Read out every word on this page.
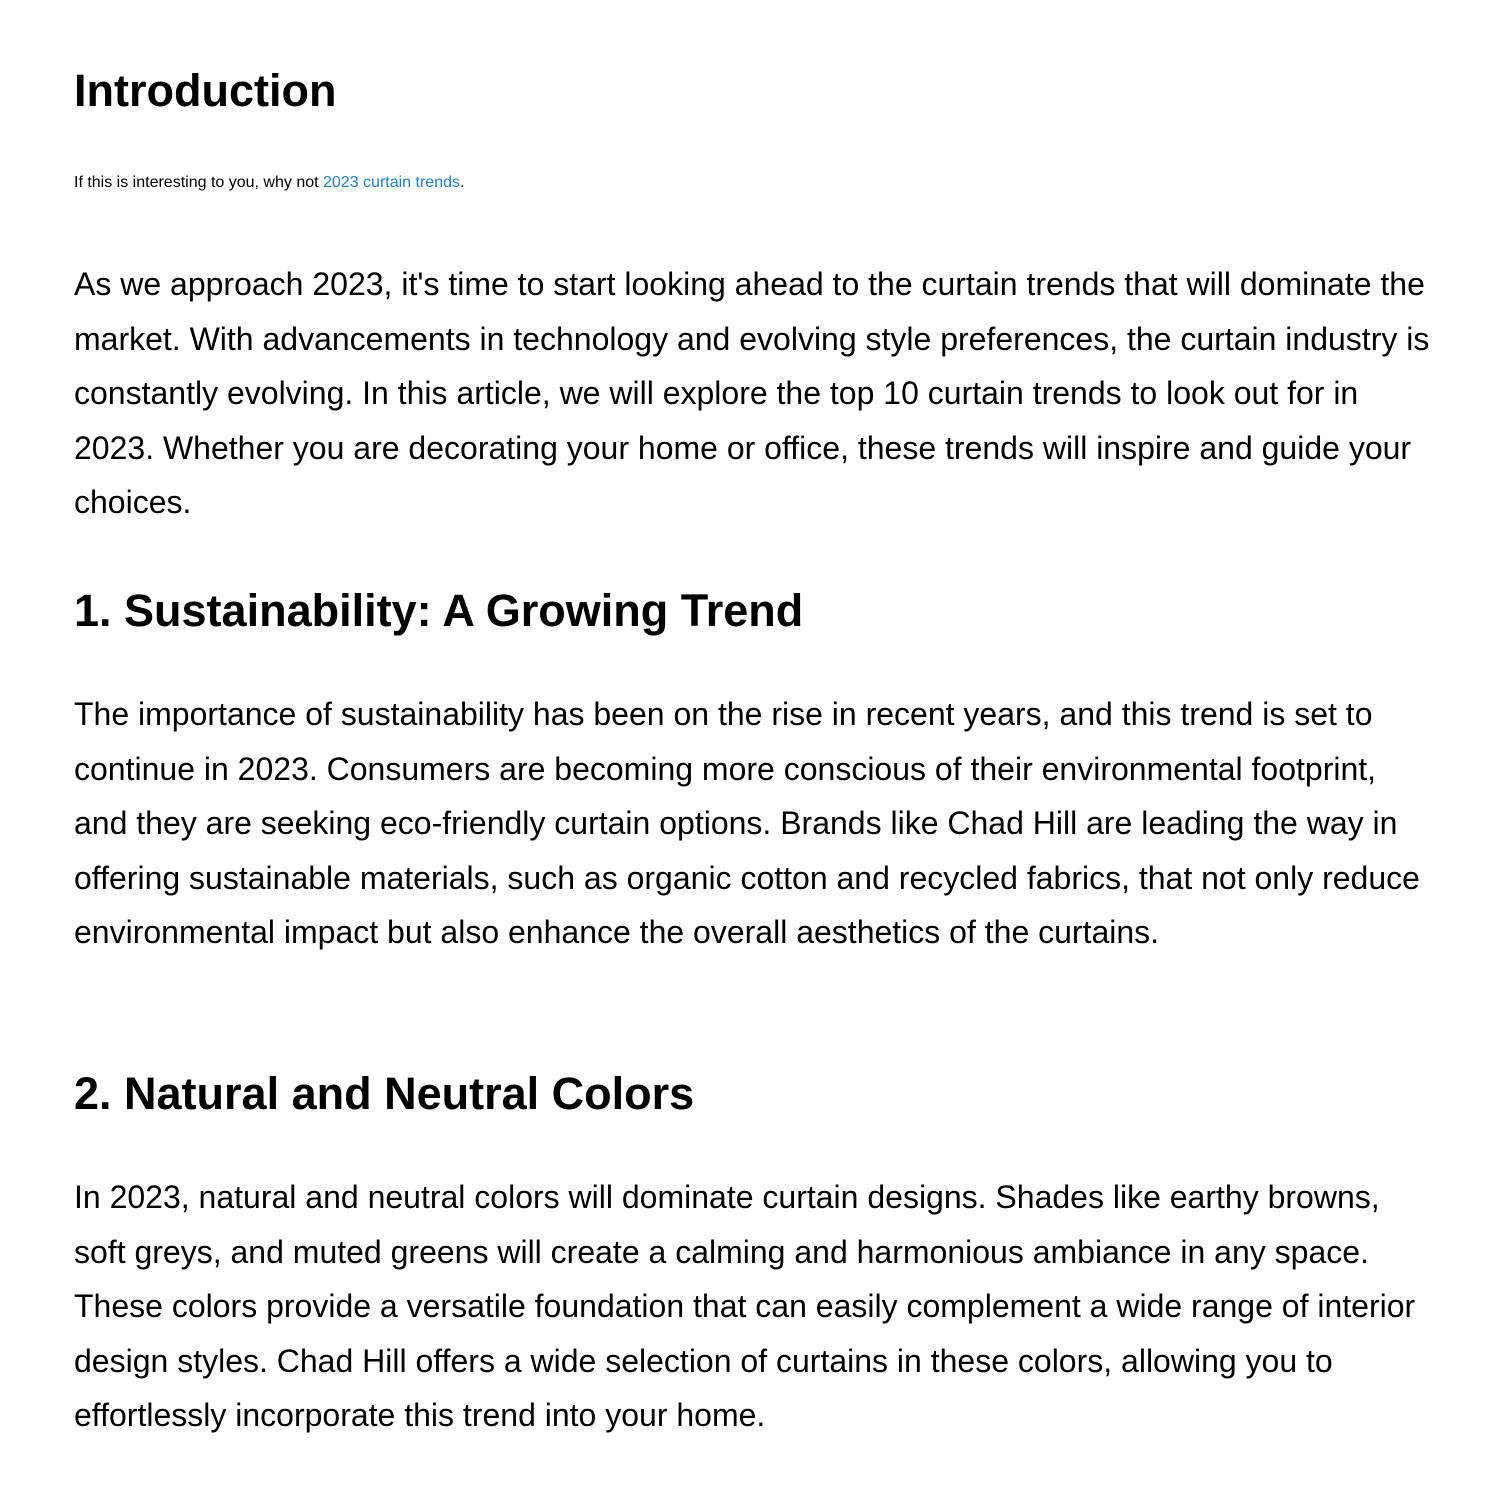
Introduction

If this is interesting to you, why not 2023 curtain trends.

As we approach 2023, it's time to start looking ahead to the curtain trends that will dominate the market. With advancements in technology and evolving style preferences, the curtain industry is constantly evolving. In this article, we will explore the top 10 curtain trends to look out for in 2023. Whether you are decorating your home or office, these trends will inspire and guide your choices.

1. Sustainability: A Growing Trend

The importance of sustainability has been on the rise in recent years, and this trend is set to continue in 2023. Consumers are becoming more conscious of their environmental footprint, and they are seeking eco-friendly curtain options. Brands like Chad Hill are leading the way in offering sustainable materials, such as organic cotton and recycled fabrics, that not only reduce environmental impact but also enhance the overall aesthetics of the curtains.

2. Natural and Neutral Colors

In 2023, natural and neutral colors will dominate curtain designs. Shades like earthy browns, soft greys, and muted greens will create a calming and harmonious ambiance in any space. These colors provide a versatile foundation that can easily complement a wide range of interior design styles. Chad Hill offers a wide selection of curtains in these colors, allowing you to effortlessly incorporate this trend into your home.
